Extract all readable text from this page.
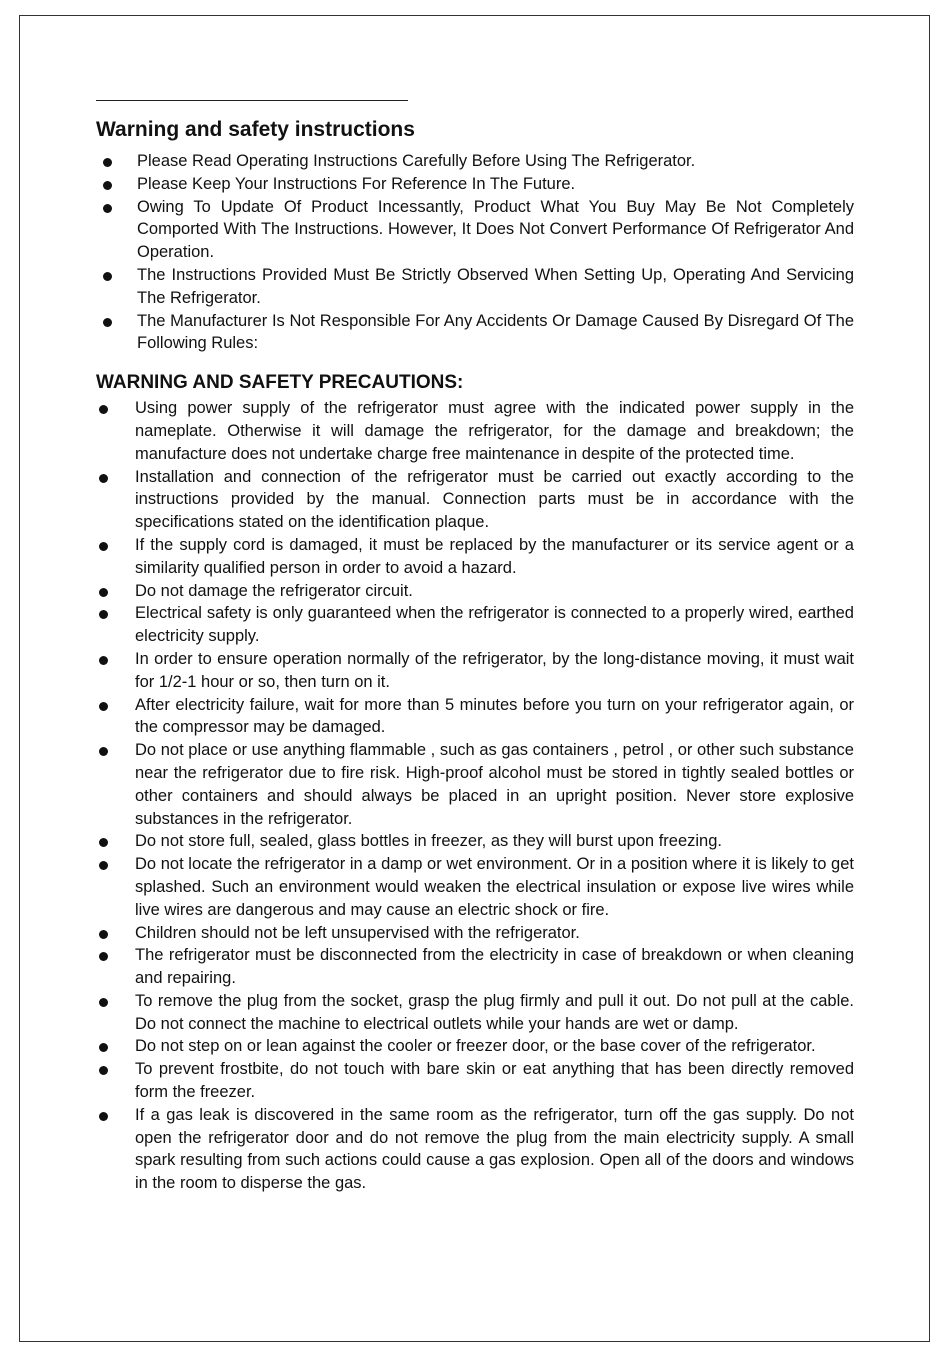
Warning and safety instructions
Please Read Operating Instructions Carefully Before Using The Refrigerator.
Please Keep Your Instructions For Reference In The Future.
Owing To Update Of Product Incessantly, Product What You Buy May Be Not Completely Comported With The Instructions. However, It Does Not Convert Performance Of Refrigerator And Operation.
The Instructions Provided Must Be Strictly Observed When Setting Up, Operating And Servicing The Refrigerator.
The Manufacturer Is Not Responsible For Any Accidents Or Damage Caused By Disregard Of The Following Rules:
WARNING AND SAFETY PRECAUTIONS:
Using power supply of the refrigerator must agree with the indicated power supply in the nameplate. Otherwise it will damage the refrigerator, for the damage and breakdown; the manufacture does not undertake charge free maintenance in despite of the protected time.
Installation and connection of the refrigerator must be carried out exactly according to the instructions provided by the manual. Connection parts must be in accordance with the specifications stated on the identification plaque.
If the supply cord is damaged, it must be replaced by the manufacturer or its service agent or a similarity qualified person in order to avoid a hazard.
Do not damage the refrigerator circuit.
Electrical safety is only guaranteed when the refrigerator is connected to a properly wired, earthed electricity supply.
In order to ensure operation normally of the refrigerator, by the long-distance moving, it must wait for 1/2-1 hour or so, then turn on it.
After electricity failure, wait for more than 5 minutes before you turn on your refrigerator again, or the compressor may be damaged.
Do not place or use anything flammable , such as gas containers , petrol , or other such substance near the refrigerator due to fire risk. High-proof alcohol must be stored in tightly sealed bottles or other containers and should always be placed in an upright position. Never store explosive substances in the refrigerator.
Do not store full, sealed, glass bottles in freezer, as they will burst upon freezing.
Do not locate the refrigerator in a damp or wet environment. Or in a position where it is likely to get splashed. Such an environment would weaken the electrical insulation or expose live wires while live wires are dangerous and may cause an electric shock or fire.
Children should not be left unsupervised with the refrigerator.
The refrigerator must be disconnected from the electricity in case of breakdown or when cleaning and repairing.
To remove the plug from the socket, grasp the plug firmly and pull it out. Do not pull at the cable. Do not connect the machine to electrical outlets while your hands are wet or damp.
Do not step on or lean against the cooler or freezer door, or the base cover of the refrigerator.
To prevent frostbite, do not touch with bare skin or eat anything that has been directly removed form the freezer.
If a gas leak is discovered in the same room as the refrigerator, turn off the gas supply. Do not open the refrigerator door and do not remove the plug from the main electricity supply. A small spark resulting from such actions could cause a gas explosion. Open all of the doors and windows in the room to disperse the gas.
